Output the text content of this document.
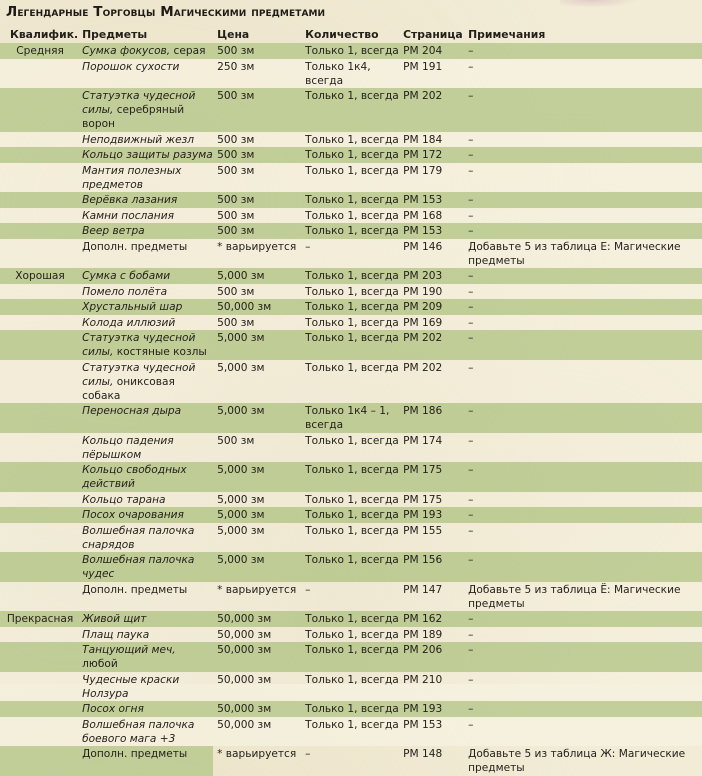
Легендарные Торговцы Магическими предметами
Квалифик.	Предметы	Цена	Количество	Страница	Примечания

Средняя	Сумка фокусов, серая	500 зм	Только 1, всегда	PM 204	–

	Порошок сухости	250 зм	Только 1к4, всегда	PM 191	–

	Статуэтка чудесной силы, серебряный ворон	500 зм	Только 1, всегда	PM 202	–

	Неподвижный жезл	500 зм	Только 1, всегда	PM 184	–

	Кольцо защиты разума	500 зм	Только 1, всегда	PM 172	–

	Мантия полезных предметов	500 зм	Только 1, всегда	PM 179	–

	Верёвка лазания	500 зм	Только 1, всегда	PM 153	–

	Камни послания	500 зм	Только 1, всегда	PM 168	–

	Веер ветра	500 зм	Только 1, всегда	PM 153	–

	Дополн. предметы	* варьируется	–	PM 146	Добавьте 5 из таблица Е: Магические предметы

Хорошая	Сумка с бобами	5,000 зм	Только 1, всегда	PM 203	–

	Помело полёта	500 зм	Только 1, всегда	PM 190	–

	Хрустальный шар	50,000 зм	Только 1, всегда	PM 209	–

	Колода иллюзий	500 зм	Только 1, всегда	PM 169	–

	Статуэтка чудесной силы, костяные козлы	5,000 зм	Только 1, всегда	PM 202	–

	Статуэтка чудесной силы, ониксовая собака	5,000 зм	Только 1, всегда	PM 202	–

	Переносная дыра	5,000 зм	Только 1к4 – 1, всегда	PM 186	–

	Кольцо падения пёрышком	500 зм	Только 1, всегда	PM 174	–

	Кольцо свободных действий	5,000 зм	Только 1, всегда	PM 175	–

	Кольцо тарана	5,000 зм	Только 1, всегда	PM 175	–

	Посох очарования	5,000 зм	Только 1, всегда	PM 193	–

	Волшебная палочка снарядов	5,000 зм	Только 1, всегда	PM 155	–

	Волшебная палочка чудес	5,000 зм	Только 1, всегда	PM 156	–

	Дополн. предметы	* варьируется	–	PM 147	Добавьте 5 из таблица Ё: Магические предметы

Прекрасная	Живой щит	50,000 зм	Только 1, всегда	PM 162	–

	Плащ паука	50,000 зм	Только 1, всегда	PM 189	–

	Танцующий меч, любой	50,000 зм	Только 1, всегда	PM 206	–

	Чудесные краски Нолзура	50,000 зм	Только 1, всегда	PM 210	–

	Посох огня	50,000 зм	Только 1, всегда	PM 193	–

	Волшебная палочка боевого мага +3	50,000 зм	Только 1, всегда	PM 153	–

	Дополн. предметы	* варьируется	–	PM 148	Добавьте 5 из таблица Ж: Магические предметы
